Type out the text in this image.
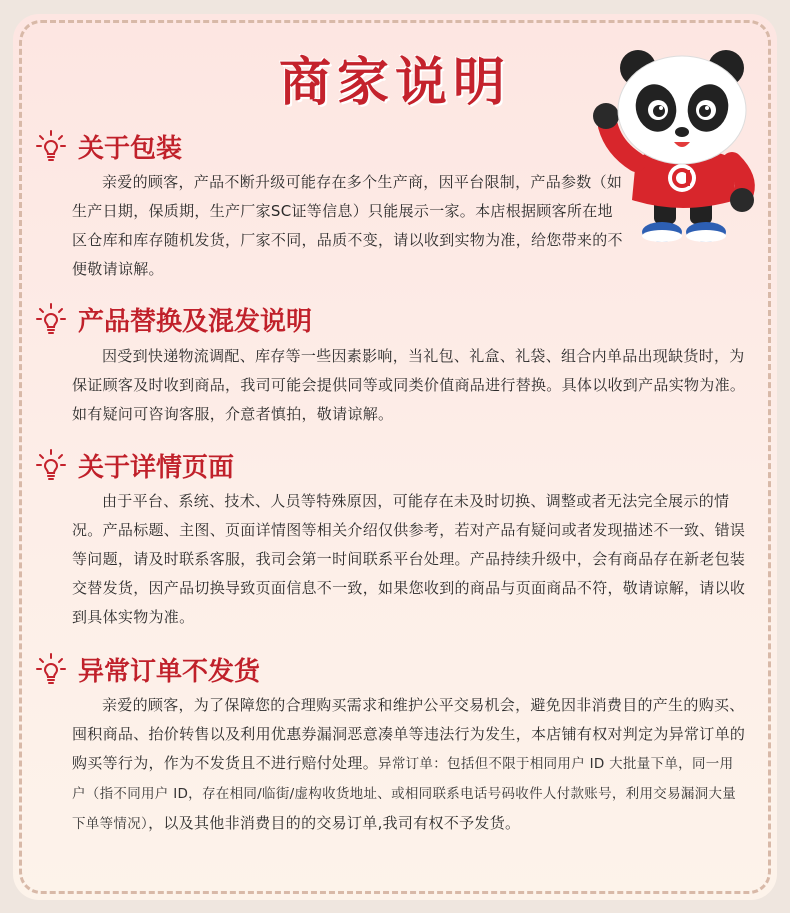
商家说明
关于包装

亲爱的顾客，产品不断升级可能存在多个生产商，因平台限制，产品参数（如生产日期，保质期，生产厂家SC证等信息）只能展示一家。本店根据顾客所在地区仓库和库存随机发货，厂家不同，品质不变，请以收到实物为准，给您带来的不便敬请谅解。

产品替换及混发说明

因受到快递物流调配、库存等一些因素影响，当礼包、礼盒、礼袋、组合内单品出现缺货时，为保证顾客及时收到商品，我司可能会提供同等或同类价值商品进行替换。具体以收到产品实物为准。如有疑问可咨询客服，介意者慎拍，敬请谅解。

关于详情页面

由于平台、系统、技术、人员等特殊原因，可能存在未及时切换、调整或者无法完全展示的情况。产品标题、主图、页面详情图等相关介绍仅供参考，若对产品有疑问或者发现描述不一致、错误等问题，请及时联系客服，我司会第一时间联系平台处理。产品持续升级中，会有商品存在新老包装交替发货，因产品切换导致页面信息不一致，如果您收到的商品与页面商品不符，敬请谅解，请以收到具体实物为准。

异常订单不发货

亲爱的顾客，为了保障您的合理购买需求和维护公平交易机会，避免因非消费目的产生的购买、囤积商品、抬价转售以及利用优惠券漏洞恶意凑单等违法行为发生，本店铺有权对判定为异常订单的购买等行为，作为不发货且不进行赔付处理。异常订单：包括但不限于相同用户 ID 大批量下单，同一用户（指不同用户 ID，存在相同/临街/虚构收货地址、或相同联系电话号码收件人付款账号，利用交易漏洞大量下单等情况），以及其他非消费目的的交易订单,我司有权不予发货。
